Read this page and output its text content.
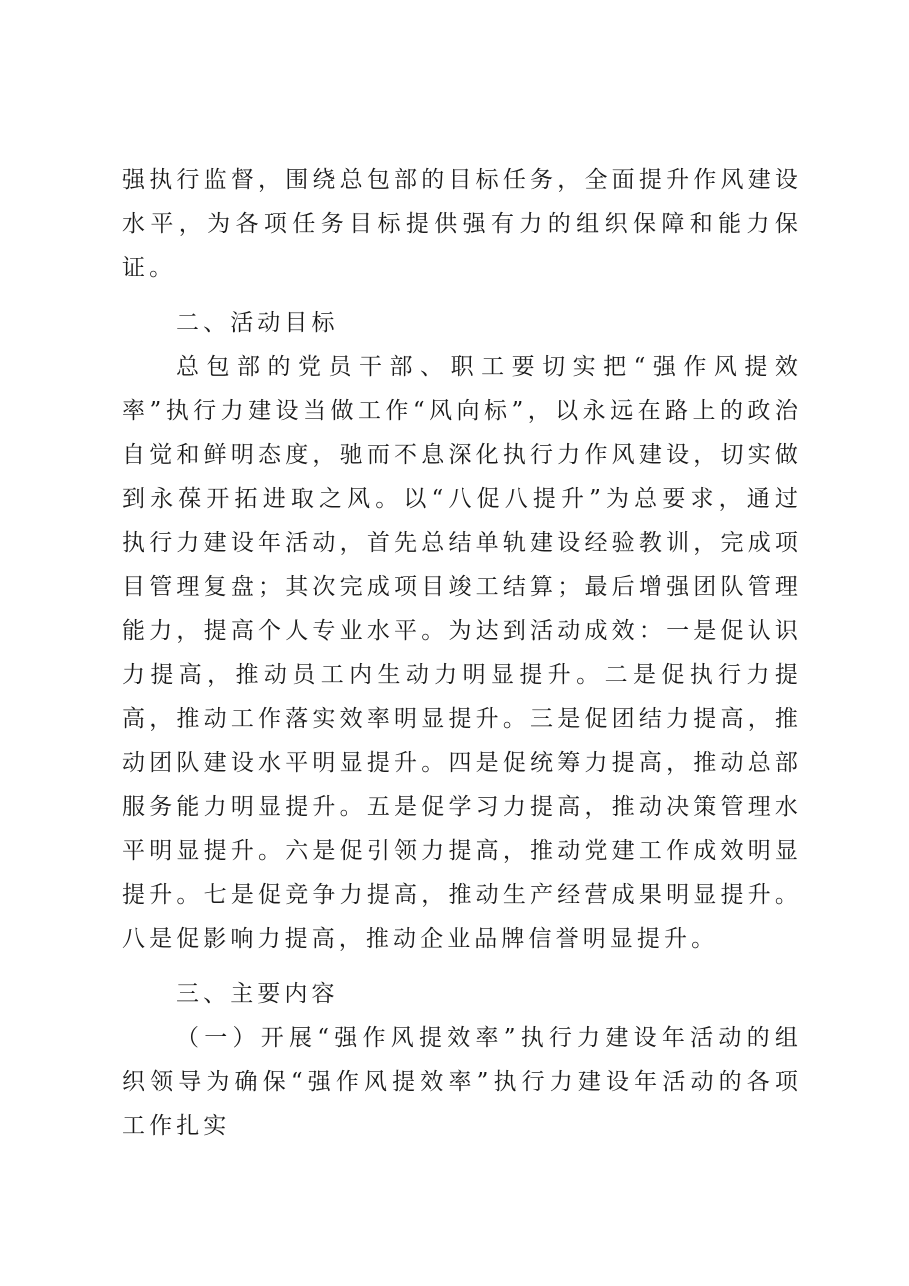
强执行监督，围绕总包部的目标任务，全面提升作风建设水平，为各项任务目标提供强有力的组织保障和能力保证。

二、活动目标

总包部的党员干部、职工要切实把“强作风提效率”执行力建设当做工作“风向标”，以永远在路上的政治自觉和鲜明态度，驰而不息深化执行力作风建设，切实做到永葆开拓进取之风。以“八促八提升”为总要求，通过执行力建设年活动，首先总结单轨建设经验教训，完成项目管理复盘；其次完成项目竣工结算；最后增强团队管理能力，提高个人专业水平。为达到活动成效：一是促认识力提高，推动员工内生动力明显提升。二是促执行力提高，推动工作落实效率明显提升。三是促团结力提高，推动团队建设水平明显提升。四是促统筹力提高，推动总部服务能力明显提升。五是促学习力提高，推动决策管理水平明显提升。六是促引领力提高，推动党建工作成效明显提升。七是促竞争力提高，推动生产经营成果明显提升。八是促影响力提高，推动企业品牌信誉明显提升。

三、主要内容

（一）开展“强作风提效率”执行力建设年活动的组织领导为确保“强作风提效率”执行力建设年活动的各项工作扎实
